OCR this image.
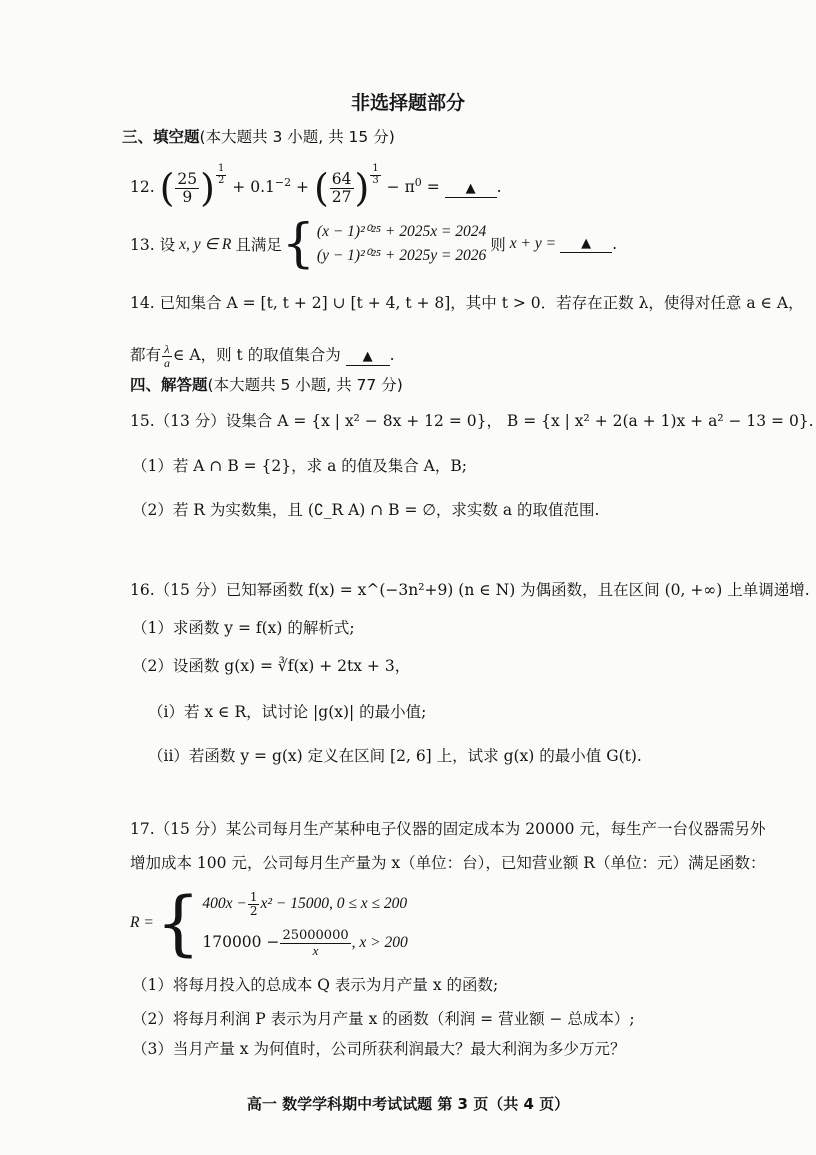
非选择题部分
三、填空题(本大题共 3 小题, 共 15 分)
12. ( $\frac{25}{9}$ ) $\frac{1}{2}$
+ $0.1^{-2}$ + ( $\frac{64}{27}$ ) $\frac{1}{3}$
− $\pi^0$ = ▲ .
13. 设 x, y ∈ R 且满足 { (x − 1)²⁰²⁵ + 2025x = 2024
(y − 1)²⁰²⁵ + 2025y = 2026
则 x + y =	▲	.
14. 已知集合 A = [t, t + 2] ∪ [t + 4, t + 8]，其中 t > 0．若存在正数 λ，使得对任意 a ∈ A，
都有 $\frac{\lambda}{a}$ ∈ A，则 t 的取值集合为 ▲ .
四、解答题(本大题共 5 小题, 共 77 分)
15.（13 分）设集合 A = {x | x² − 8x + 12 = 0}， B = {x | x² + 2(a + 1)x + a² − 13 = 0}.
（1）若 A ∩ B = {2}，求 a 的值及集合 A，B;
（2）若 R 为实数集，且 (∁_R A) ∩ B = ∅，求实数 a 的取值范围.
16.（15 分）已知幂函数 f(x) = x^(−3n²+9) (n ∈ N) 为偶函数，且在区间 (0, +∞) 上单调递增.
（1）求函数 y = f(x) 的解析式;
（2）设函数 g(x) = ∛f(x) + 2tx + 3，
（i）若 x ∈ R，试讨论 |g(x)| 的最小值;
（ii）若函数 y = g(x) 定义在区间 [2, 6] 上，试求 g(x) 的最小值 G(t).
17.（15 分）某公司每月生产某种电子仪器的固定成本为 20000 元，每生产一台仪器需另外
增加成本 100 元，公司每月生产量为 x（单位：台），已知营业额 R（单位：元）满足函数：
R = { $400x - \frac{1}{2} x^2 - 15000$, 0 ≤ x ≤ 200
$170000 - \frac{25000000}{x}$ , x > 200
（1）将每月投入的总成本 Q 表示为月产量 x 的函数;
（2）将每月利润 P 表示为月产量 x 的函数（利润 = 营业额 − 总成本）;
（3）当月产量 x 为何值时，公司所获利润最大？最大利润为多少万元？
高一 数学学科期中考试试题 第 3 页（共 4 页）
